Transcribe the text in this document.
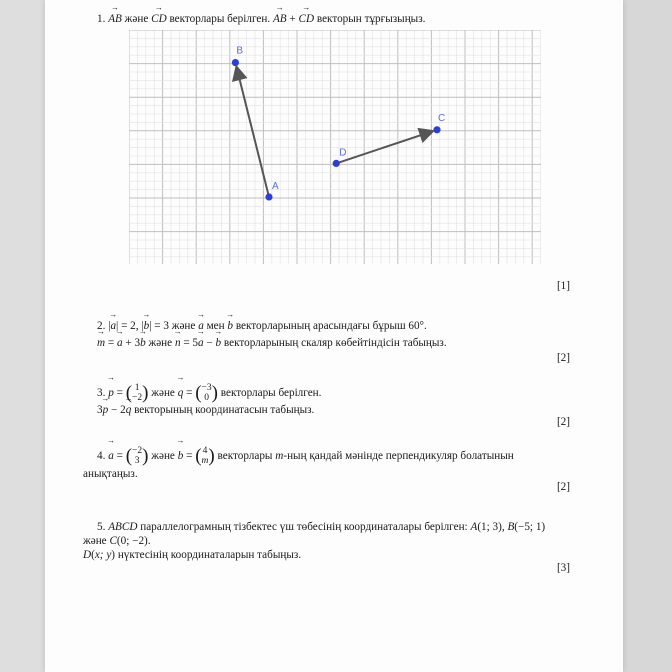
1. → AB және → CD векторлары берілген. → AB + → CD векторын тұрғызыңыз.
A
B
C
D
[1]
2. |→ a| = 2, |→ b| = 3 және → a мен → b векторларының арасындағы бұрыш 60°.
→ m = → a + 3→ b және → n = 5→ a − → b векторларының скаляр көбейтіндісін табыңыз.
[2]
3. → p = ( 1
−2 ) және → q = ( −3
0 ) векторлары берілген.
3→ p − 2→ q векторының координатасын табыңыз.
[2]
4. → a = ( −2
3 ) және → b = ( 4
m ) векторлары m-ның қандай мәнінде перпендикуляр болатынын
анықтаңыз.
[2]
5. ABCD параллелограмның тізбектес үш төбесінің координаталары берілген: A(1; 3), B(−5; 1)
және C(0; −2).
D(x; y) нүктесінің координаталарын табыңыз.
[3]
